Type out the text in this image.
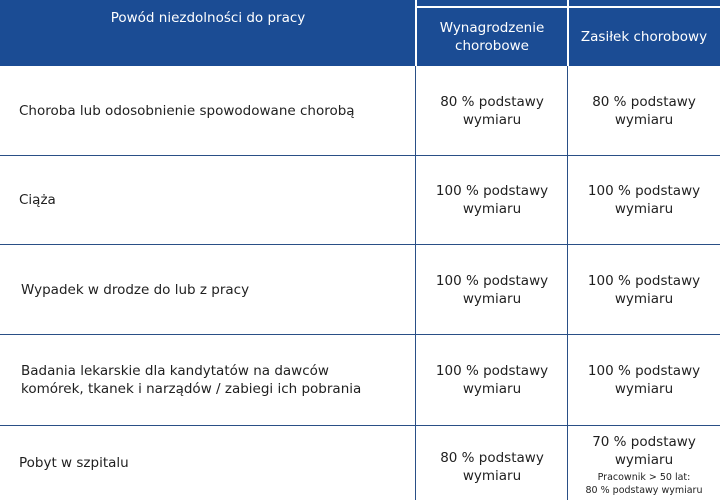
Powód niezdolności do pracy
Wynagrodzenie chorobowe
Zasiłek chorobowy
Choroba lub odosobnienie spowodowane chorobą
80 % podstawy wymiaru
80 % podstawy wymiaru
Ciąża
100 % podstawy wymiaru
100 % podstawy wymiaru
Wypadek w drodze do lub z pracy
100 % podstawy wymiaru
100 % podstawy wymiaru
Badania lekarskie dla kandytatów na dawców komórek, tkanek i narządów / zabiegi ich pobrania
100 % podstawy wymiaru
100 % podstawy wymiaru
Pobyt w szpitalu	80 % podstawy wymiaru
70 % podstawy wymiaru
Pracownik > 50 lat:
80 % podstawy wymiaru
